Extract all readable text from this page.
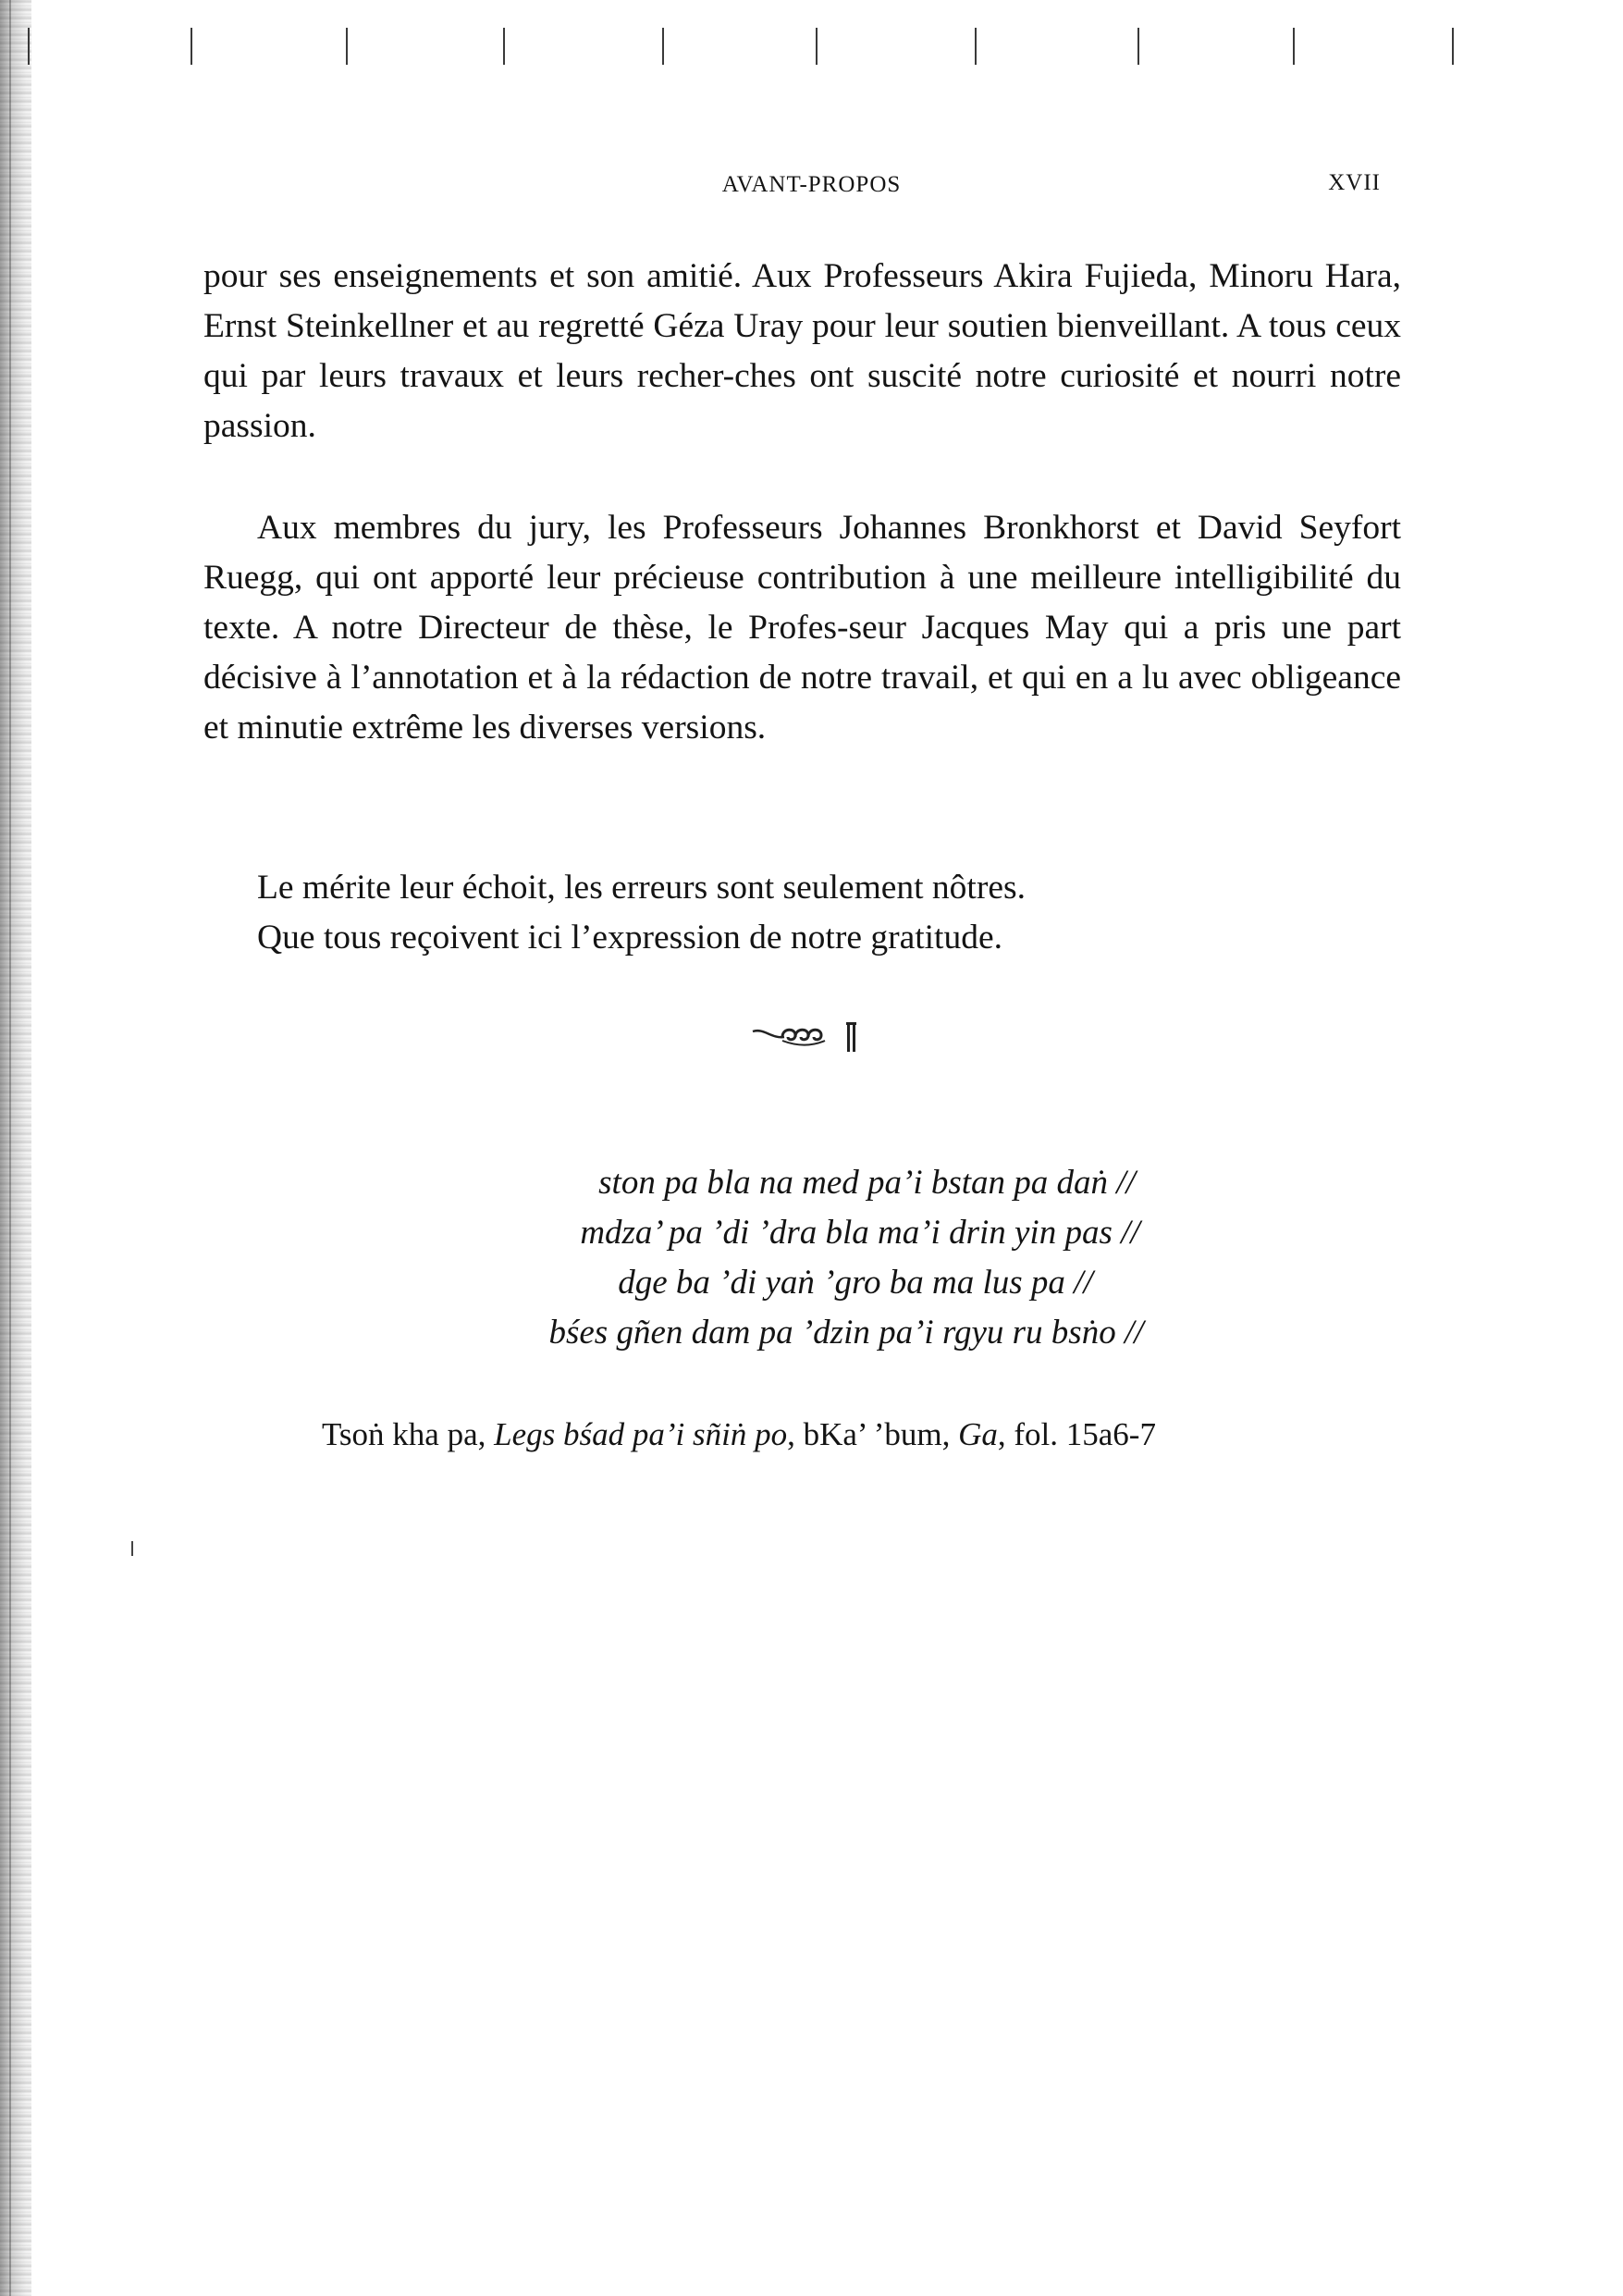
AVANT-PROPOS	XVII

pour ses enseignements et son amitié. Aux Professeurs Akira Fujieda, Minoru Hara, Ernst Steinkellner et au regretté Géza Uray pour leur soutien bienveillant. A tous ceux qui par leurs travaux et leurs recher-ches ont suscité notre curiosité et nourri notre passion.

Aux membres du jury, les Professeurs Johannes Bronkhorst et David Seyfort Ruegg, qui ont apporté leur précieuse contribution à une meilleure intelligibilité du texte. A notre Directeur de thèse, le Profes-seur Jacques May qui a pris une part décisive à l’annotation et à la rédaction de notre travail, et qui en a lu avec obligeance et minutie extrême les diverses versions.

Le mérite leur échoit, les erreurs sont seulement nôtres.
Que tous reçoivent ici l’expression de notre gratitude.
ston pa bla na med pa’i bstan pa daṅ //
mdza’ pa ’di ’dra bla ma’i drin yin pas //
dge ba ’di yaṅ ’gro ba ma lus pa //
bśes gñen dam pa ’dzin pa’i rgyu ru bsṅo //
Tsoṅ kha pa, Legs bśad pa’i sñiṅ po, bKa’ ’bum, Ga, fol. 15a6-7
